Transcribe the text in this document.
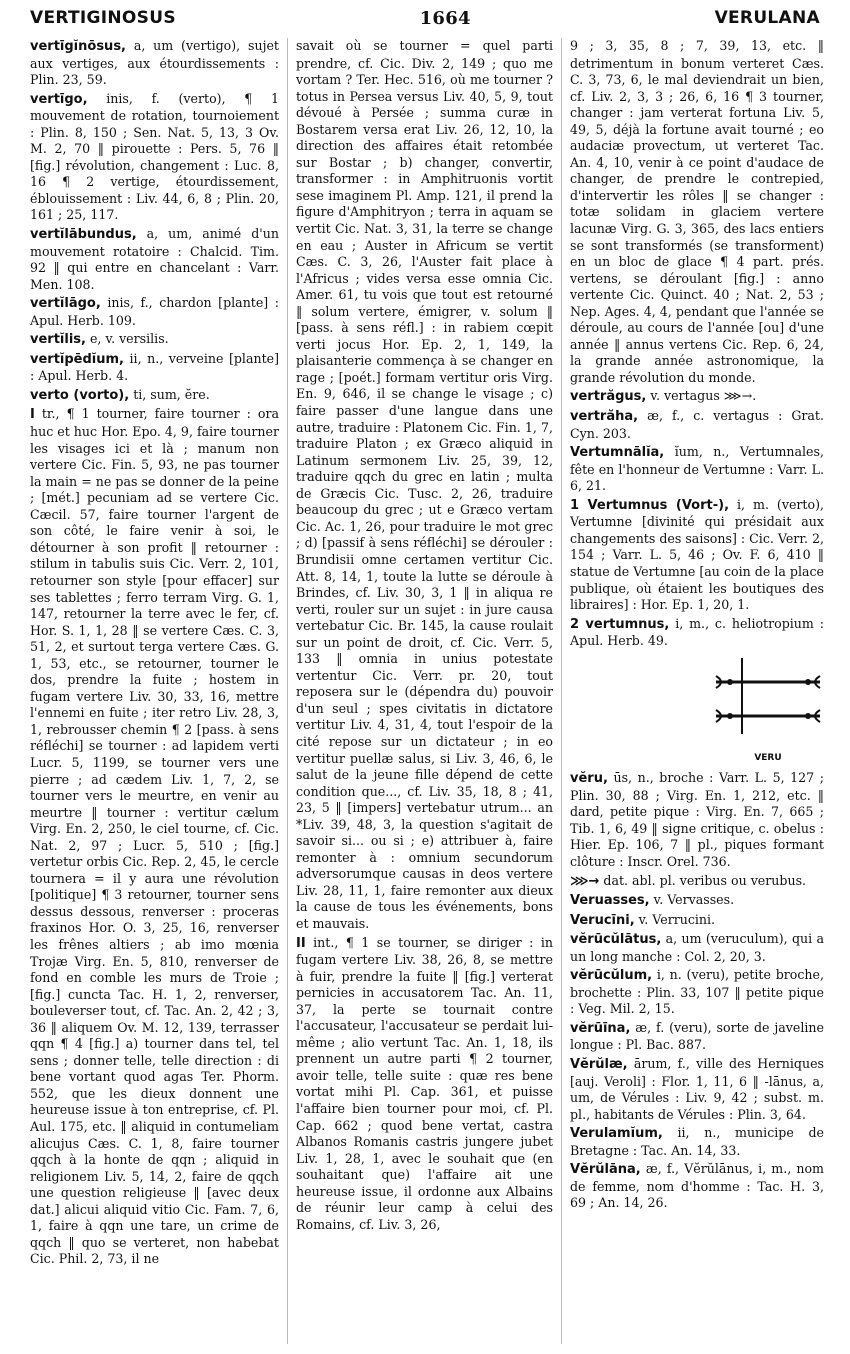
VERTIGINOSUS	1664	VERULANA
vertīgĭnōsus, a, um (vertigo), sujet aux vertiges, aux étourdissements : Plin. 23, 59.
vertīgo, inis, f. (verto), ¶ 1 mouvement de rotation, tournoiement : Plin. 8, 150 ; Sen. Nat. 5, 13, 3 Ov. M. 2, 70 ‖ pirouette : Pers. 5, 76 ‖ [fig.] révolution, changement : Luc. 8, 16 ¶ 2 vertige, étourdissement, éblouissement : Liv. 44, 6, 8 ; Plin. 20, 161 ; 25, 117.
vertĭlābundus, a, um, animé d'un mouvement rotatoire : Chalcid. Tim. 92 ‖ qui entre en chancelant : Varr. Men. 108.
vertĭlāgo, inis, f., chardon [plante] : Apul. Herb. 109.
vertĭlis, e, v. versilis.
vertĭpēdĭum, ii, n., verveine [plante] : Apul. Herb. 4.
verto (vorto), ti, sum, ĕre.
I tr., ¶ 1 tourner, faire tourner : ora huc et huc Hor. Epo. 4, 9, faire tourner les visages ici et là ; manum non vertere Cic. Fin. 5, 93, ne pas tourner la main = ne pas se donner de la peine ; [mét.] pecuniam ad se vertere Cic. Cæcil. 57, faire tourner l'argent de son côté, le faire venir à soi, le détourner à son profit ‖ retourner : stilum in tabulis suis Cic. Verr. 2, 101, retourner son style [pour effacer] sur ses tablettes ; ferro terram Virg. G. 1, 147, retourner la terre avec le fer, cf. Hor. S. 1, 1, 28 ‖ se vertere Cæs. C. 3, 51, 2, et surtout terga vertere Cæs. G. 1, 53, etc., se retourner, tourner le dos, prendre la fuite ; hostem in fugam vertere Liv. 30, 33, 16, mettre l'ennemi en fuite ; iter retro Liv. 28, 3, 1, rebrousser chemin ¶ 2 [pass. à sens réfléchi] se tourner : ad lapidem verti Lucr. 5, 1199, se tourner vers une pierre ; ad cædem Liv. 1, 7, 2, se tourner vers le meurtre, en venir au meurtre ‖ tourner : vertitur cælum Virg. En. 2, 250, le ciel tourne, cf. Cic. Nat. 2, 97 ; Lucr. 5, 510 ; [fig.] vertetur orbis Cic. Rep. 2, 45, le cercle tournera = il y aura une révolution [politique] ¶ 3 retourner, tourner sens dessus dessous, renverser : proceras fraxinos Hor. O. 3, 25, 16, renverser les frênes altiers ; ab imo mœnia Trojæ Virg. En. 5, 810, renverser de fond en comble les murs de Troie ; [fig.] cuncta Tac. H. 1, 2, renverser, bouleverser tout, cf. Tac. An. 2, 42 ; 3, 36 ‖ aliquem Ov. M. 12, 139, terrasser qqn ¶ 4 [fig.] a) tourner dans tel, tel sens ; donner telle, telle direction : di bene vortant quod agas Ter. Phorm. 552, que les dieux donnent une heureuse issue à ton entreprise, cf. Pl. Aul. 175, etc. ‖ aliquid in contumeliam alicujus Cæs. C. 1, 8, faire tourner qqch à la honte de qqn ; aliquid in religionem Liv. 5, 14, 2, faire de qqch une question religieuse ‖ [avec deux dat.] alicui aliquid vitio Cic. Fam. 7, 6, 1, faire à qqn une tare, un crime de qqch ‖ quo se verteret, non habebat Cic. Phil. 2, 73, il ne
savait où se tourner = quel parti prendre, cf. Cic. Div. 2, 149 ; quo me vortam ? Ter. Hec. 516, où me tourner ? totus in Persea versus Liv. 40, 5, 9, tout dévoué à Persée ; summa curæ in Bostarem versa erat Liv. 26, 12, 10, la direction des affaires était retombée sur Bostar ; b) changer, convertir, transformer : in Amphitruonis vortit sese imaginem Pl. Amp. 121, il prend la figure d'Amphitryon ; terra in aquam se vertit Cic. Nat. 3, 31, la terre se change en eau ; Auster in Africum se vertit Cæs. C. 3, 26, l'Auster fait place à l'Africus ; vides versa esse omnia Cic. Amer. 61, tu vois que tout est retourné ‖ solum vertere, émigrer, v. solum ‖ [pass. à sens réfl.] : in rabiem cœpit verti jocus Hor. Ep. 2, 1, 149, la plaisanterie commença à se changer en rage ; [poét.] formam vertitur oris Virg. En. 9, 646, il se change le visage ; c) faire passer d'une langue dans une autre, traduire : Platonem Cic. Fin. 1, 7, traduire Platon ; ex Græco aliquid in Latinum sermonem Liv. 25, 39, 12, traduire qqch du grec en latin ; multa de Græcis Cic. Tusc. 2, 26, traduire beaucoup du grec ; ut e Græco vertam Cic. Ac. 1, 26, pour traduire le mot grec ; d) [passif à sens réfléchi] se dérouler : Brundisii omne certamen vertitur Cic. Att. 8, 14, 1, toute la lutte se déroule à Brindes, cf. Liv. 30, 3, 1 ‖ in aliqua re verti, rouler sur un sujet : in jure causa vertebatur Cic. Br. 145, la cause roulait sur un point de droit, cf. Cic. Verr. 5, 133 ‖ omnia in unius potestate vertentur Cic. Verr. pr. 20, tout reposera sur le (dépendra du) pouvoir d'un seul ; spes civitatis in dictatore vertitur Liv. 4, 31, 4, tout l'espoir de la cité repose sur un dictateur ; in eo vertitur puellæ salus, si Liv. 3, 46, 6, le salut de la jeune fille dépend de cette condition que..., cf. Liv. 35, 18, 8 ; 41, 23, 5 ‖ [impers] vertebatur utrum... an *Liv. 39, 48, 3, la question s'agitait de savoir si... ou si ; e) attribuer à, faire remonter à : omnium secundorum adversorumque causas in deos vertere Liv. 28, 11, 1, faire remonter aux dieux la cause de tous les événements, bons et mauvais.
II int., ¶ 1 se tourner, se diriger : in fugam vertere Liv. 38, 26, 8, se mettre à fuir, prendre la fuite ‖ [fig.] verterat pernicies in accusatorem Tac. An. 11, 37, la perte se tournait contre l'accusateur, l'accusateur se perdait lui-même ; alio vertunt Tac. An. 1, 18, ils prennent un autre parti ¶ 2 tourner, avoir telle, telle suite : quæ res bene vortat mihi Pl. Cap. 361, et puisse l'affaire bien tourner pour moi, cf. Pl. Cap. 662 ; quod bene vertat, castra Albanos Romanis castris jungere jubet Liv. 1, 28, 1, avec le souhait que (en souhaitant que) l'affaire ait une heureuse issue, il ordonne aux Albains de réunir leur camp à celui des Romains, cf. Liv. 3, 26,
9 ; 3, 35, 8 ; 7, 39, 13, etc. ‖ detrimentum in bonum verteret Cæs. C. 3, 73, 6, le mal deviendrait un bien, cf. Liv. 2, 3, 3 ; 26, 6, 16 ¶ 3 tourner, changer : jam verterat fortuna Liv. 5, 49, 5, déjà la fortune avait tourné ; eo audaciæ provectum, ut verteret Tac. An. 4, 10, venir à ce point d'audace de changer, de prendre le contrepied, d'intervertir les rôles ‖ se changer : totæ solidam in glaciem vertere lacunæ Virg. G. 3, 365, des lacs entiers se sont transformés (se transforment) en un bloc de glace ¶ 4 part. prés. vertens, se déroulant [fig.] : anno vertente Cic. Quinct. 40 ; Nat. 2, 53 ; Nep. Ages. 4, 4, pendant que l'année se déroule, au cours de l'année [ou] d'une année ‖ annus vertens Cic. Rep. 6, 24, la grande année astronomique, la grande révolution du monde.
vertrăgus, v. vertagus ⋙→.
vertrăha, æ, f., c. vertagus : Grat. Cyn. 203.
Vertumnālĭa, ĭum, n., Vertumnales, fête en l'honneur de Vertumne : Varr. L. 6, 21.
1 Vertumnus (Vort-), i, m. (verto), Vertumne [divinité qui présidait aux changements des saisons] : Cic. Verr. 2, 154 ; Varr. L. 5, 46 ; Ov. F. 6, 410 ‖ statue de Vertumne [au coin de la place publique, où étaient les boutiques des libraires] : Hor. Ep. 1, 20, 1.
2 vertumnus, i, m., c. heliotropium : Apul. Herb. 49.
VERU
vĕru, ūs, n., broche : Varr. L. 5, 127 ; Plin. 30, 88 ; Virg. En. 1, 212, etc. ‖ dard, petite pique : Virg. En. 7, 665 ; Tib. 1, 6, 49 ‖ signe critique, c. obelus : Hier. Ep. 106, 7 ‖ pl., piques formant clôture : Inscr. Orel. 736.
⋙→ dat. abl. pl. veribus ou verubus.
Veruasses, v. Vervasses.
Verucīni, v. Verrucini.
vĕrūcŭlātus, a, um (veruculum), qui a un long manche : Col. 2, 20, 3.
vĕrūcŭlum, i, n. (veru), petite broche, brochette : Plin. 33, 107 ‖ petite pique : Veg. Mil. 2, 15.
vĕrūīna, æ, f. (veru), sorte de javeline longue : Pl. Bac. 887.
Vĕrŭlæ, ārum, f., ville des Herniques [auj. Veroli] : Flor. 1, 11, 6 ‖ -lānus, a, um, de Vérules : Liv. 9, 42 ; subst. m. pl., habitants de Vérules : Plin. 3, 64.
Verulamĭum, ii, n., municipe de Bretagne : Tac. An. 14, 33.
Vĕrŭlāna, æ, f., Vĕrŭlānus, i, m., nom de femme, nom d'homme : Tac. H. 3, 69 ; An. 14, 26.
